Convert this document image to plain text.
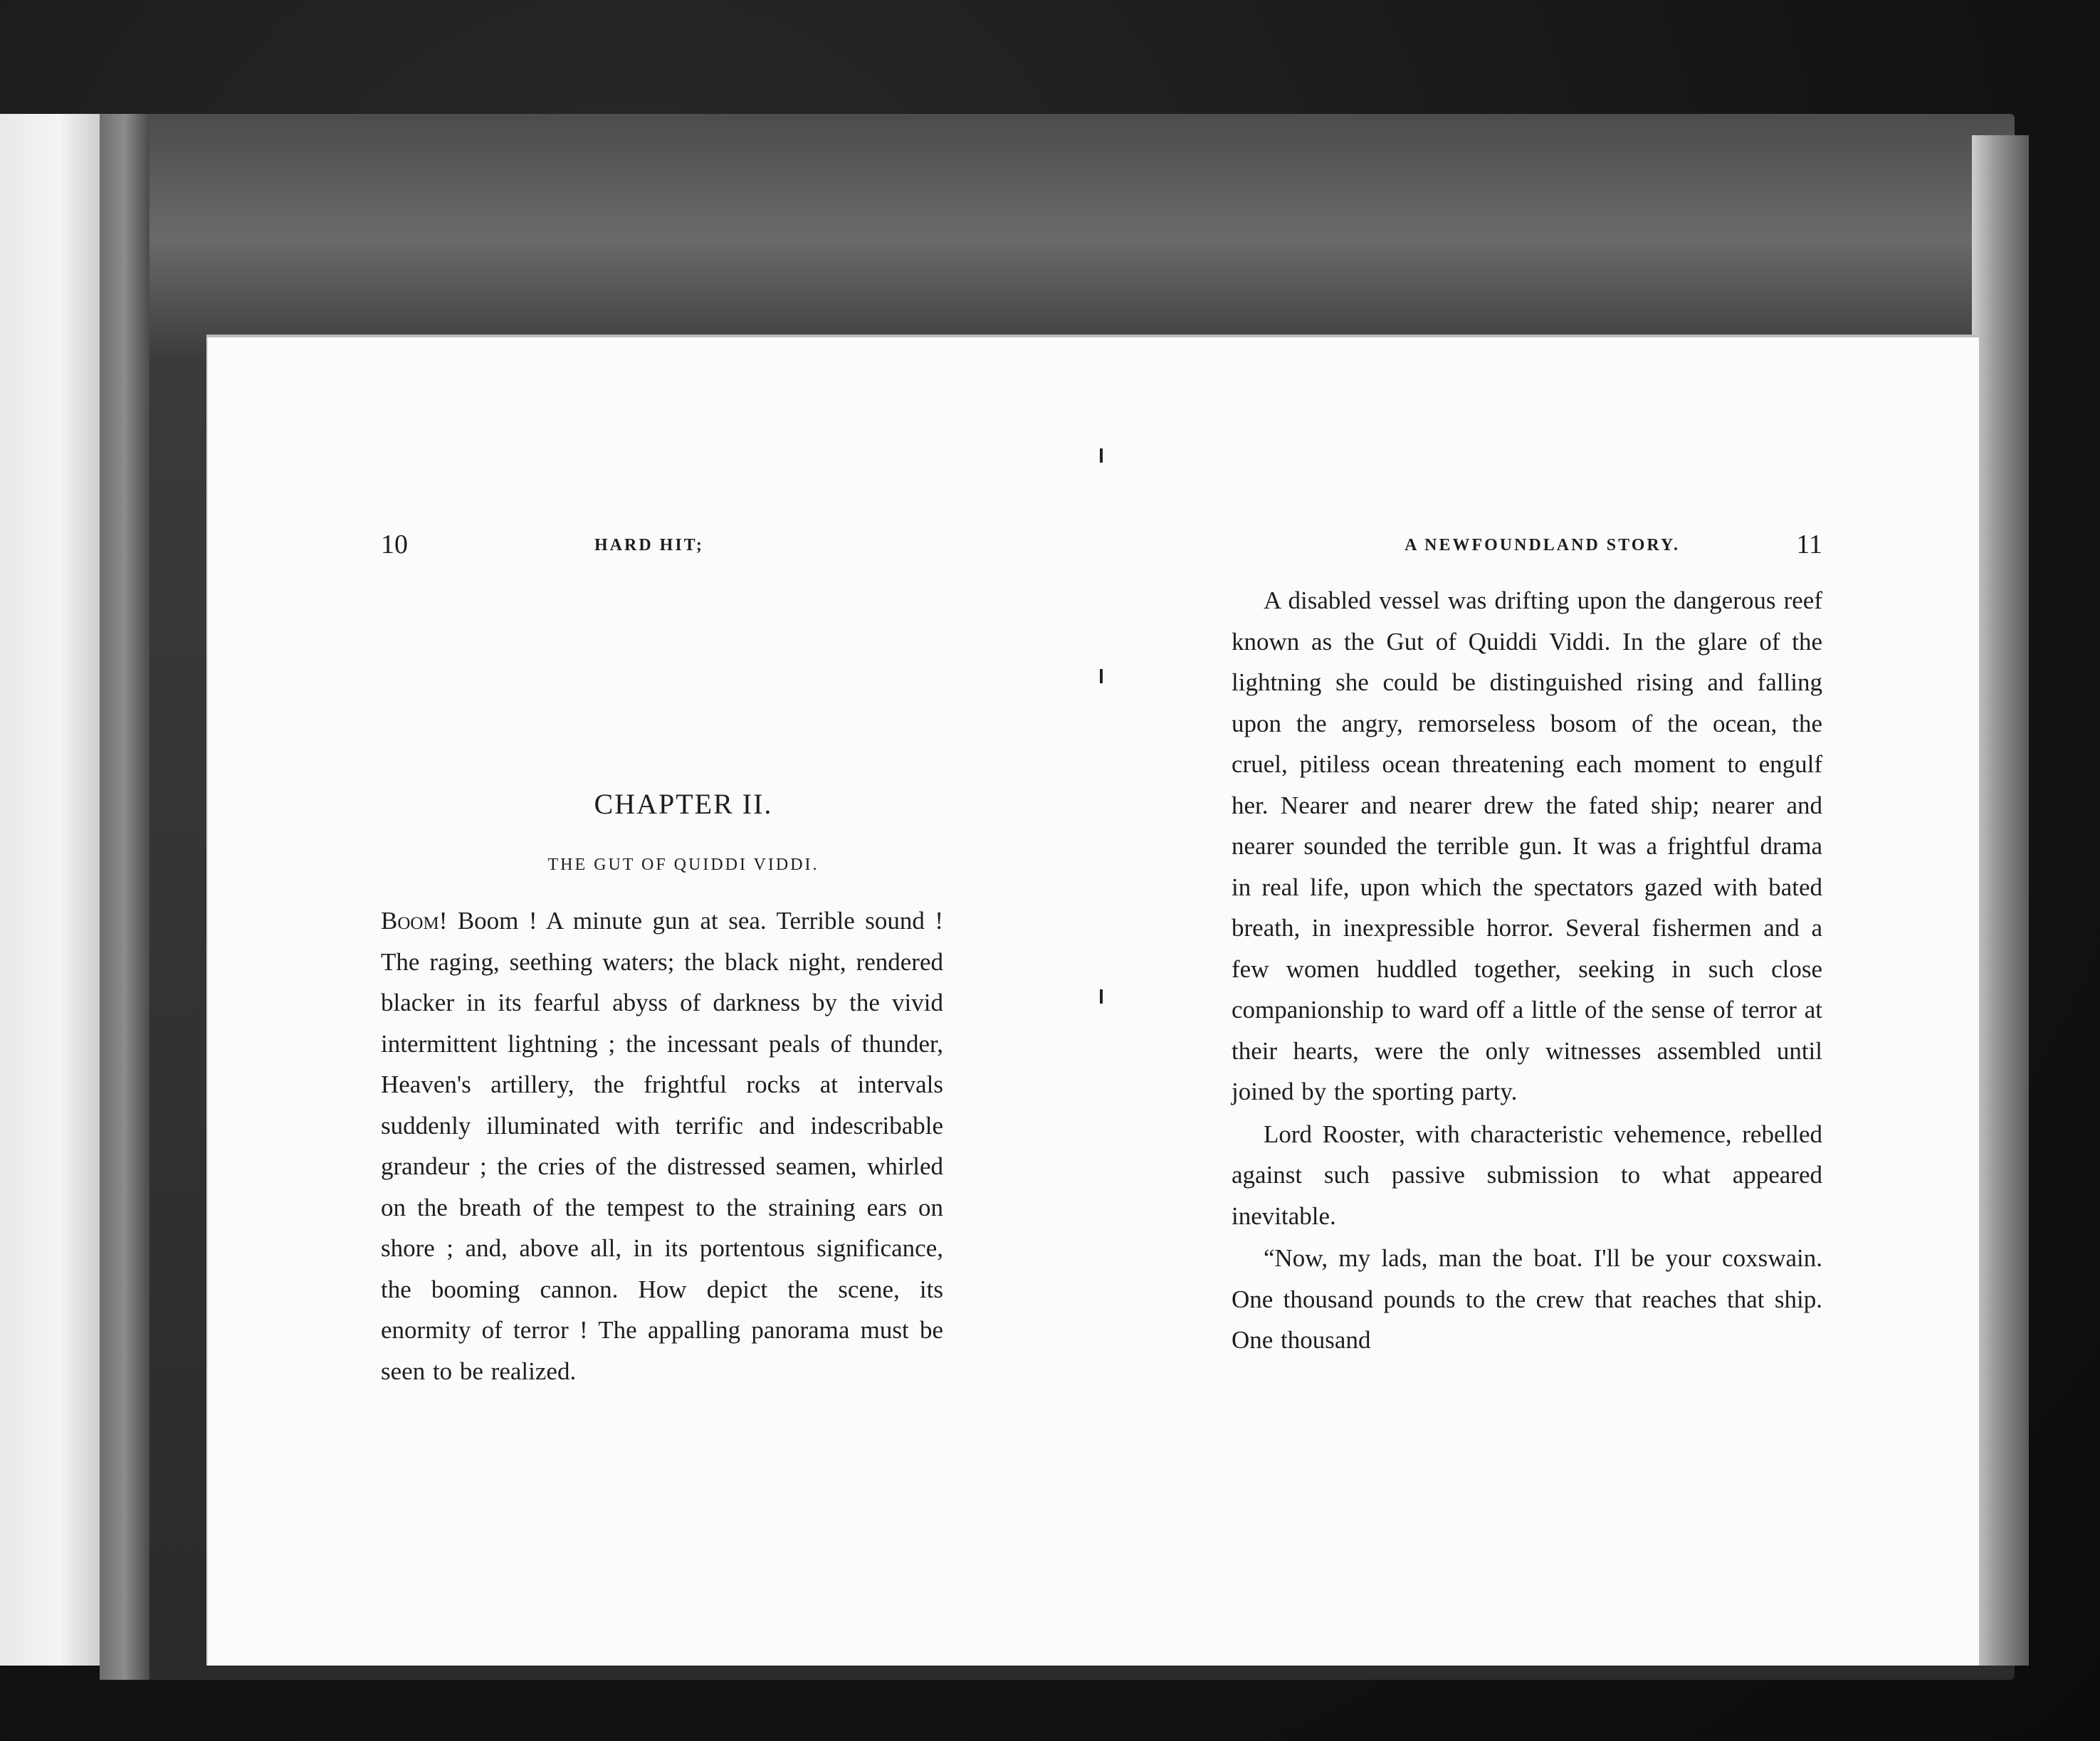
10	HARD HIT;
CHAPTER II.
THE GUT OF QUIDDI VIDDI.

Boom! Boom ! A minute gun at sea. Terrible sound ! The raging, seething waters; the black night, rendered blacker in its fearful abyss of darkness by the vivid intermittent lightning ; the incessant peals of thunder, Heaven's artillery, the frightful rocks at intervals suddenly illuminated with terrific and indescribable grandeur ; the cries of the distressed seamen, whirled on the breath of the tempest to the straining ears on shore ; and, above all, in its portentous significance, the booming cannon. How depict the scene, its enormity of terror ! The appalling panorama must be seen to be realized.

A NEWFOUNDLAND STORY.	11

A disabled vessel was drifting upon the dangerous reef known as the Gut of Quiddi Viddi. In the glare of the lightning she could be distinguished rising and falling upon the angry, remorseless bosom of the ocean, the cruel, pitiless ocean threatening each moment to engulf her. Nearer and nearer drew the fated ship; nearer and nearer sounded the terrible gun. It was a frightful drama in real life, upon which the spectators gazed with bated breath, in inexpressible horror. Several fishermen and a few women huddled together, seeking in such close companionship to ward off a little of the sense of terror at their hearts, were the only witnesses assembled until joined by the sporting party.

Lord Rooster, with characteristic vehemence, rebelled against such passive submission to what appeared inevitable.

“Now, my lads, man the boat. I'll be your coxswain. One thousand pounds to the crew that reaches that ship. One thousand
